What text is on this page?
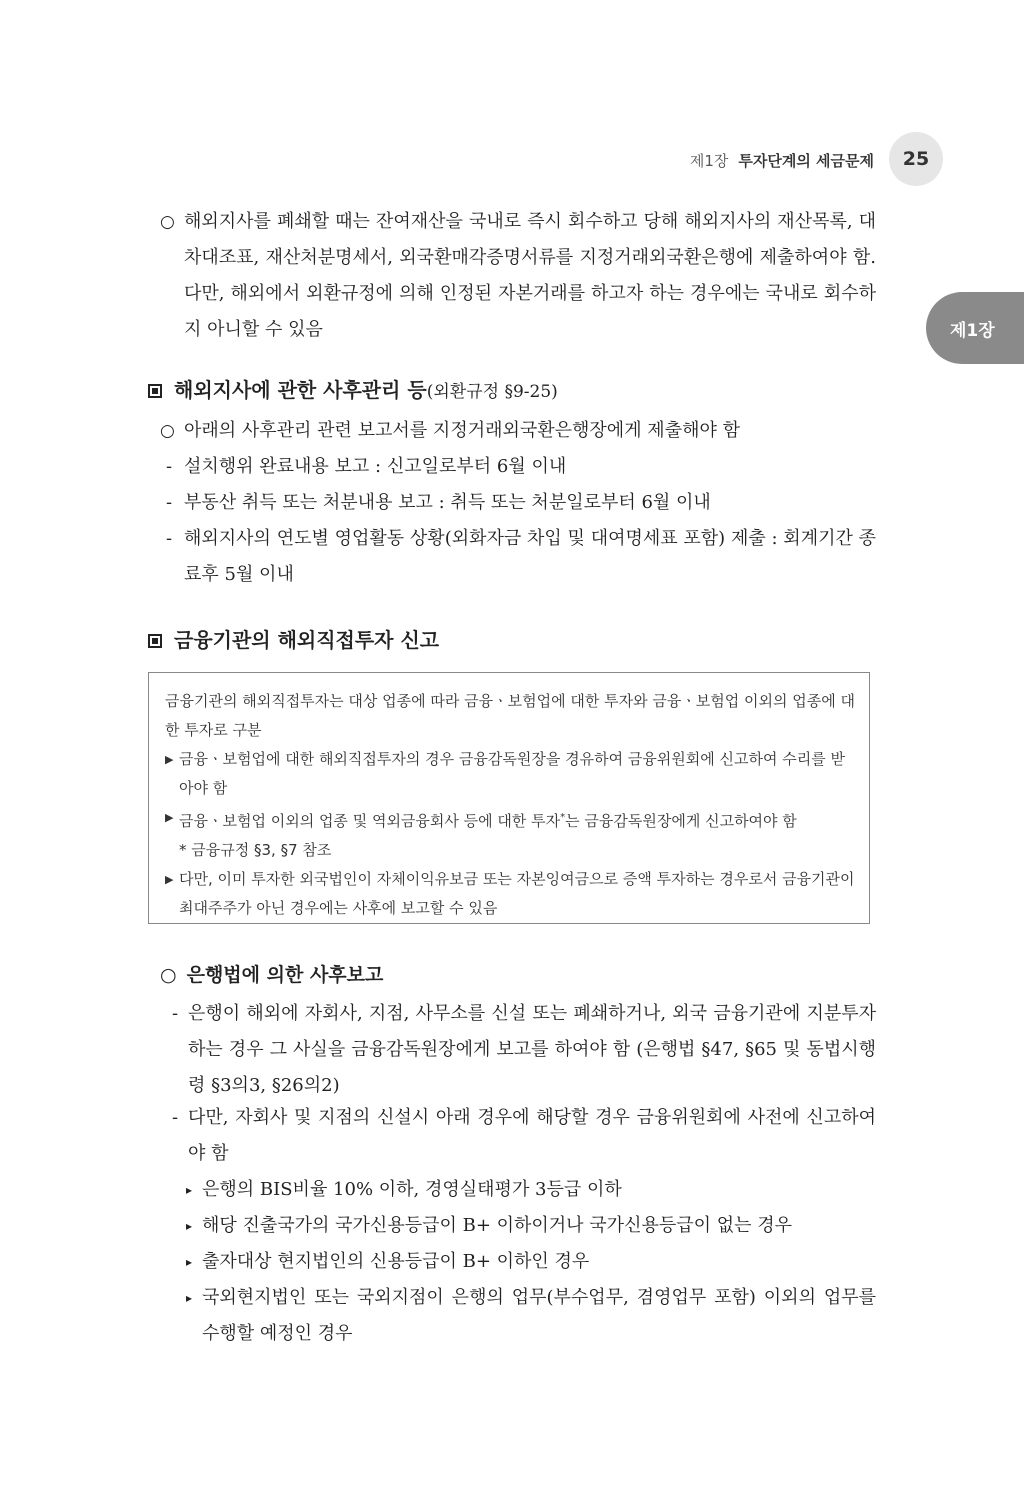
제1장 투자단계의 세금문제	25
제1장
○ 해외지사를 폐쇄할 때는 잔여재산을 국내로 즉시 회수하고 당해 해외지사의 재산목록, 대차대조표, 재산처분명세서, 외국환매각증명서류를 지정거래외국환은행에 제출하여야 함. 다만, 해외에서 외환규정에 의해 인정된 자본거래를 하고자 하는 경우에는 국내로 회수하지 아니할 수 있음
해외지사에 관한 사후관리 등(외환규정 §9-25)
○ 아래의 사후관리 관련 보고서를 지정거래외국환은행장에게 제출해야 함
- 설치행위 완료내용 보고 : 신고일로부터 6월 이내
- 부동산 취득 또는 처분내용 보고 : 취득 또는 처분일로부터 6월 이내
- 해외지사의 연도별 영업활동 상황(외화자금 차입 및 대여명세표 포함) 제출 : 회계기간 종료후 5월 이내
금융기관의 해외직접투자 신고
금융기관의 해외직접투자는 대상 업종에 따라 금융ㆍ보험업에 대한 투자와 금융ㆍ보험업 이외의 업종에 대한 투자로 구분
▶ 금융ㆍ보험업에 대한 해외직접투자의 경우 금융감독원장을 경유하여 금융위원회에 신고하여 수리를 받아야 함
▶ 금융ㆍ보험업 이외의 업종 및 역외금융회사 등에 대한 투자*는 금융감독원장에게 신고하여야 함
* 금융규정 §3, §7 참조
▶ 다만, 이미 투자한 외국법인이 자체이익유보금 또는 자본잉여금으로 증액 투자하는 경우로서 금융기관이 최대주주가 아닌 경우에는 사후에 보고할 수 있음
○ 은행법에 의한 사후보고
- 은행이 해외에 자회사, 지점, 사무소를 신설 또는 폐쇄하거나, 외국 금융기관에 지분투자 하는 경우 그 사실을 금융감독원장에게 보고를 하여야 함 (은행법 §47, §65 및 동법시행령 §3의3, §26의2)
- 다만, 자회사 및 지점의 신설시 아래 경우에 해당할 경우 금융위원회에 사전에 신고하여야 함
▸ 은행의 BIS비율 10% 이하, 경영실태평가 3등급 이하
▸ 해당 진출국가의 국가신용등급이 B+ 이하이거나 국가신용등급이 없는 경우
▸ 출자대상 현지법인의 신용등급이 B+ 이하인 경우
▸ 국외현지법인 또는 국외지점이 은행의 업무(부수업무, 겸영업무 포함) 이외의 업무를 수행할 예정인 경우
